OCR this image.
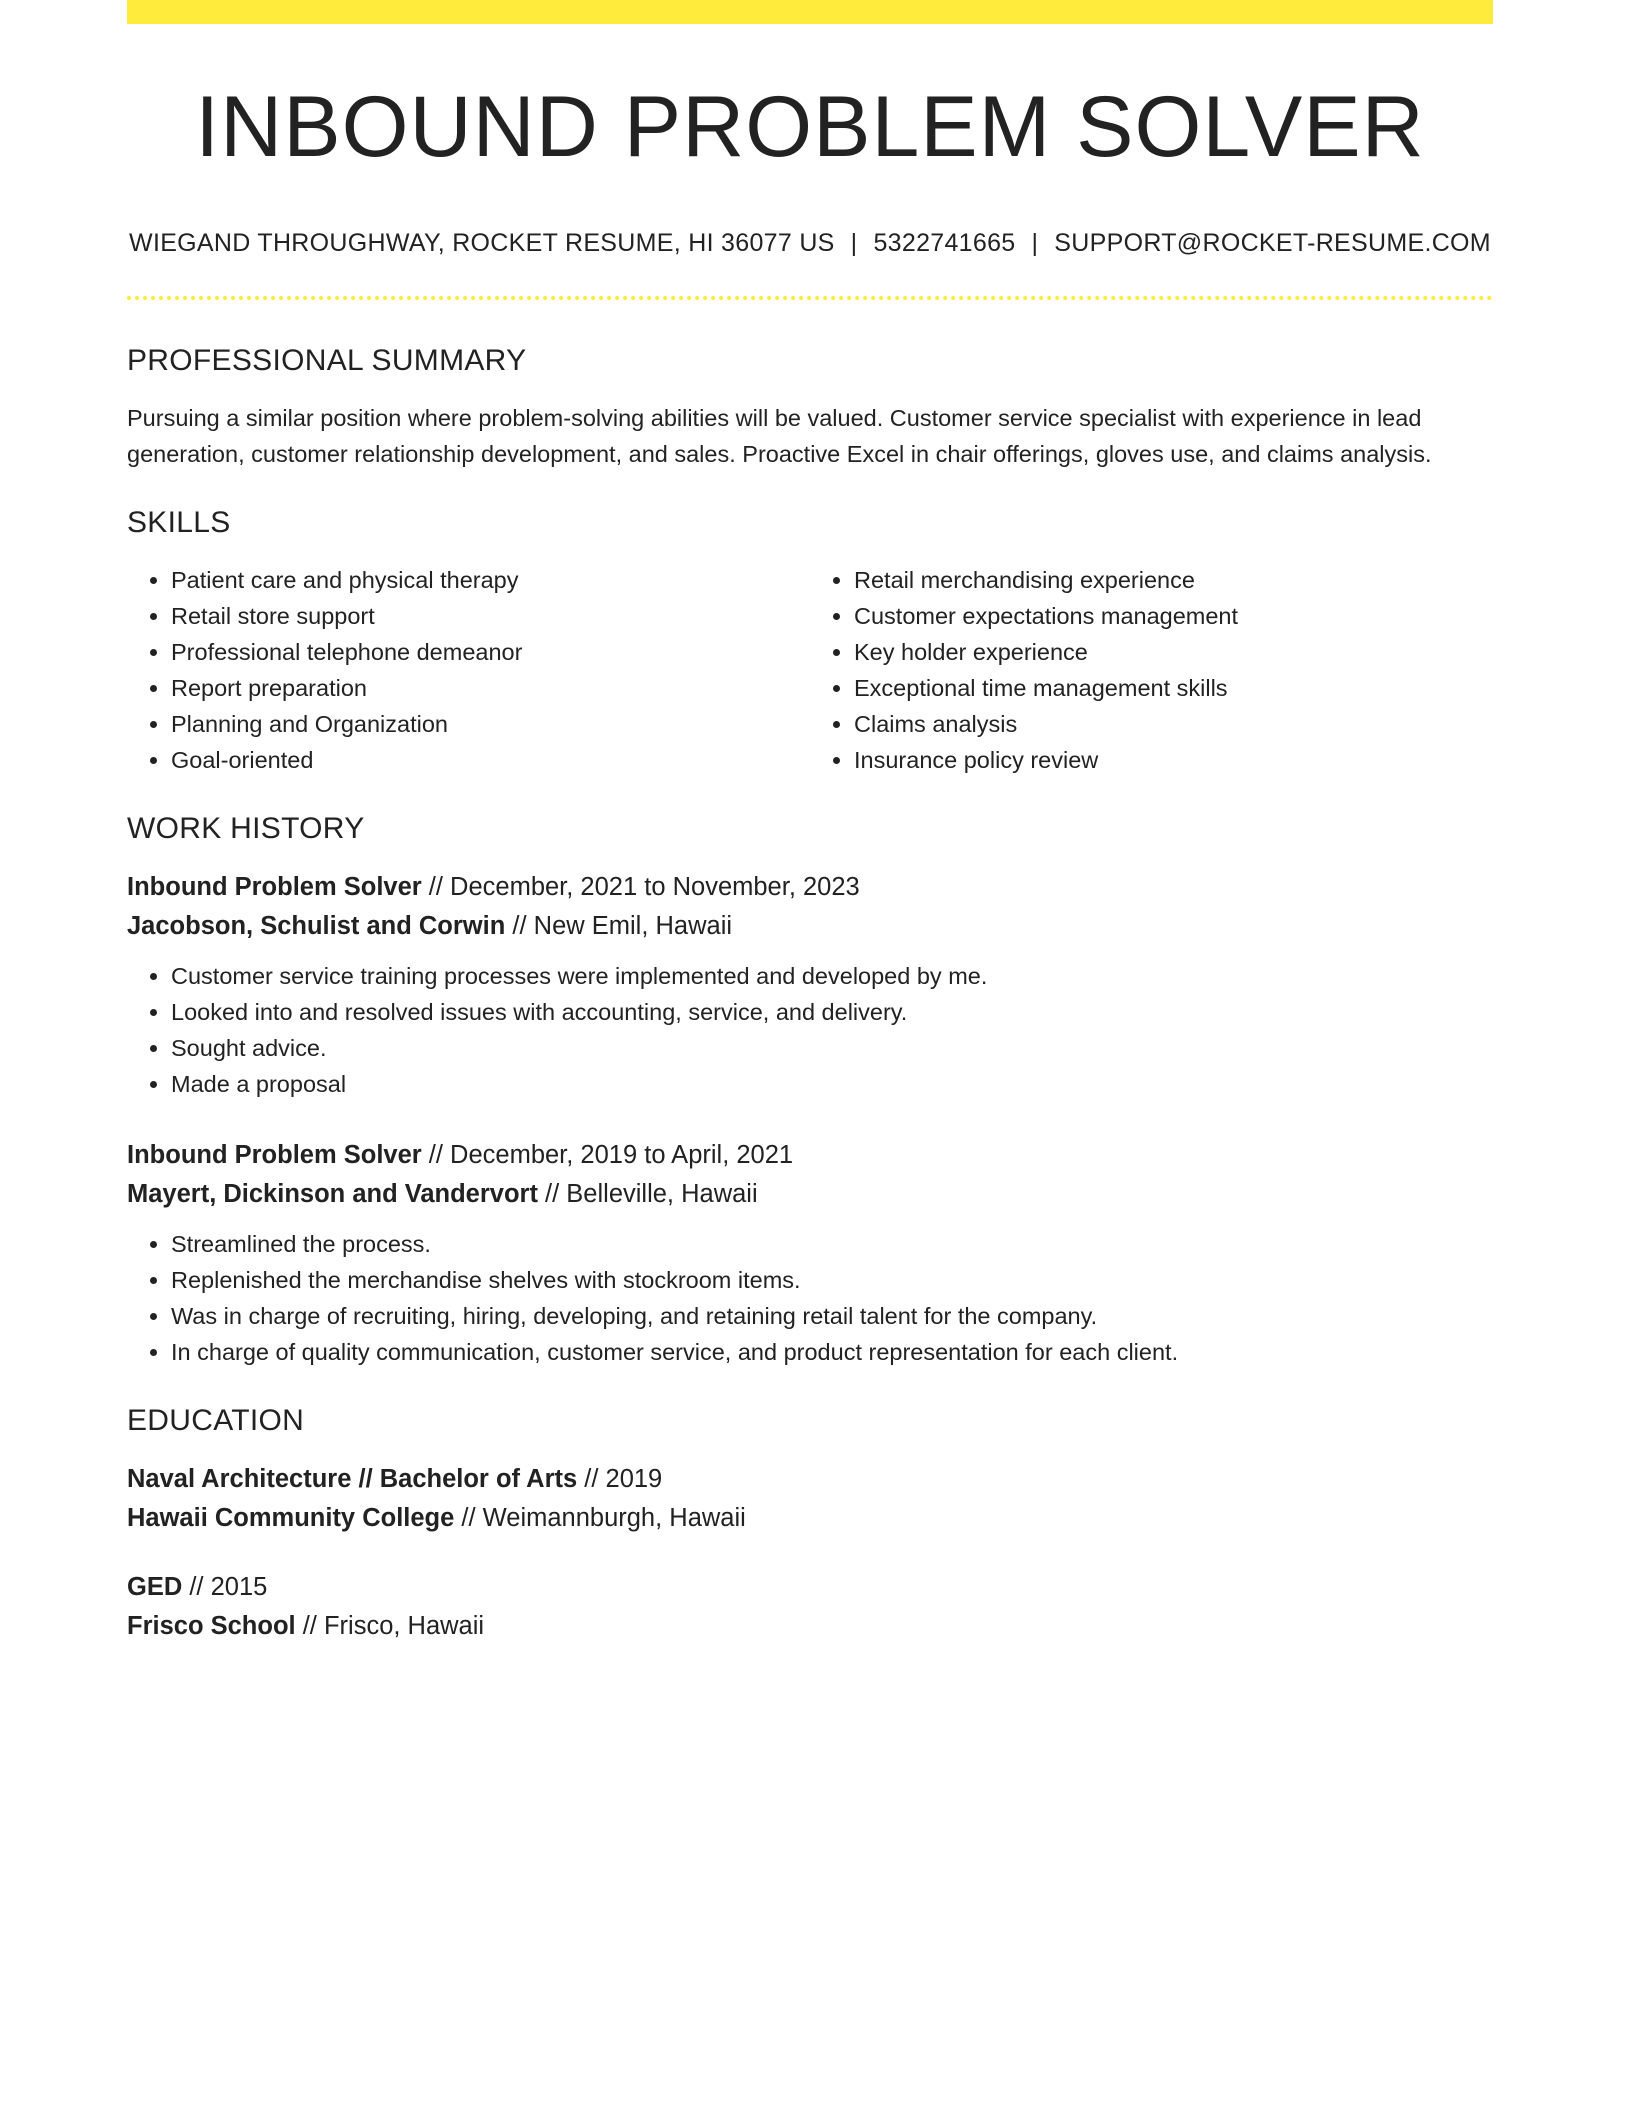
INBOUND PROBLEM SOLVER
WIEGAND THROUGHWAY, ROCKET RESUME, HI 36077 US | 5322741665 | SUPPORT@ROCKET-RESUME.COM
PROFESSIONAL SUMMARY

Pursuing a similar position where problem-solving abilities will be valued. Customer service specialist with experience in lead generation, customer relationship development, and sales. Proactive Excel in chair offerings, gloves use, and claims analysis.

SKILLS
• Patient care and physical therapy
• Retail store support
• Professional telephone demeanor
• Report preparation
• Planning and Organization
• Goal-oriented
• Retail merchandising experience
• Customer expectations management
• Key holder experience
• Exceptional time management skills
• Claims analysis
• Insurance policy review
WORK HISTORY
Inbound Problem Solver // December, 2021 to November, 2023
Jacobson, Schulist and Corwin // New Emil, Hawaii
• Customer service training processes were implemented and developed by me.
• Looked into and resolved issues with accounting, service, and delivery.
• Sought advice.
• Made a proposal
Inbound Problem Solver // December, 2019 to April, 2021
Mayert, Dickinson and Vandervort // Belleville, Hawaii
• Streamlined the process.
• Replenished the merchandise shelves with stockroom items.
• Was in charge of recruiting, hiring, developing, and retaining retail talent for the company.
• In charge of quality communication, customer service, and product representation for each client.
EDUCATION
Naval Architecture // Bachelor of Arts // 2019
Hawaii Community College // Weimannburgh, Hawaii
GED // 2015
Frisco School // Frisco, Hawaii
